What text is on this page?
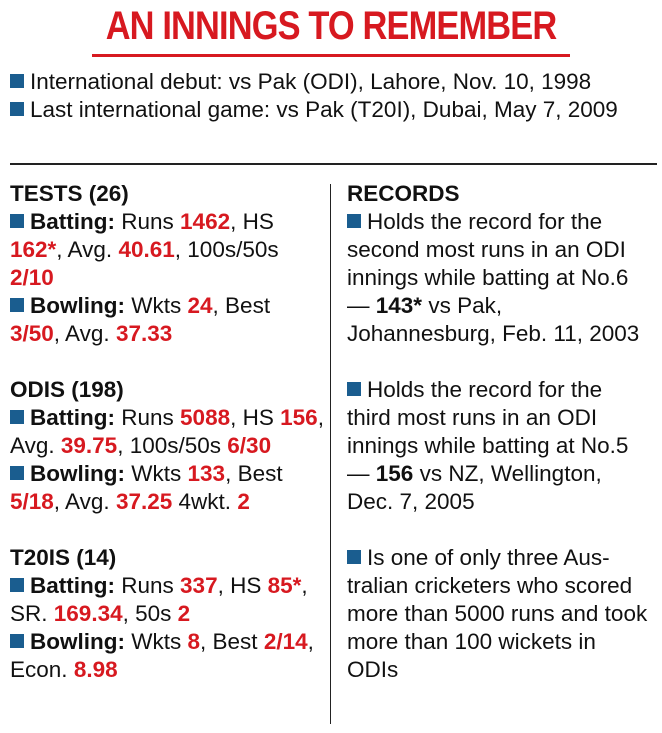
AN INNINGS TO REMEMBER
International debut: vs Pak (ODI), Lahore, Nov. 10, 1998
Last international game: vs Pak (T20I), Dubai, May 7, 2009
TESTS (26)
Batting: Runs 1462, HS 162*, Avg. 40.61, 100s/50s 2/10
Bowling: Wkts 24, Best 3/50, Avg. 37.33
ODIS (198)
Batting: Runs 5088, HS 156, Avg. 39.75, 100s/50s 6/30
Bowling: Wkts 133, Best 5/18, Avg. 37.25 4wkt. 2
T20IS (14)
Batting: Runs 337, HS 85*, SR. 169.34, 50s 2
Bowling: Wkts 8, Best 2/14, Econ. 8.98
RECORDS
Holds the record for the second most runs in an ODI innings while batting at No.6 — 143* vs Pak, Johannesburg, Feb. 11, 2003
Holds the record for the third most runs in an ODI innings while batting at No.5 — 156 vs NZ, Wellington, Dec. 7, 2005
Is one of only three Australian cricketers who scored more than 5000 runs and took more than 100 wickets in ODIs
